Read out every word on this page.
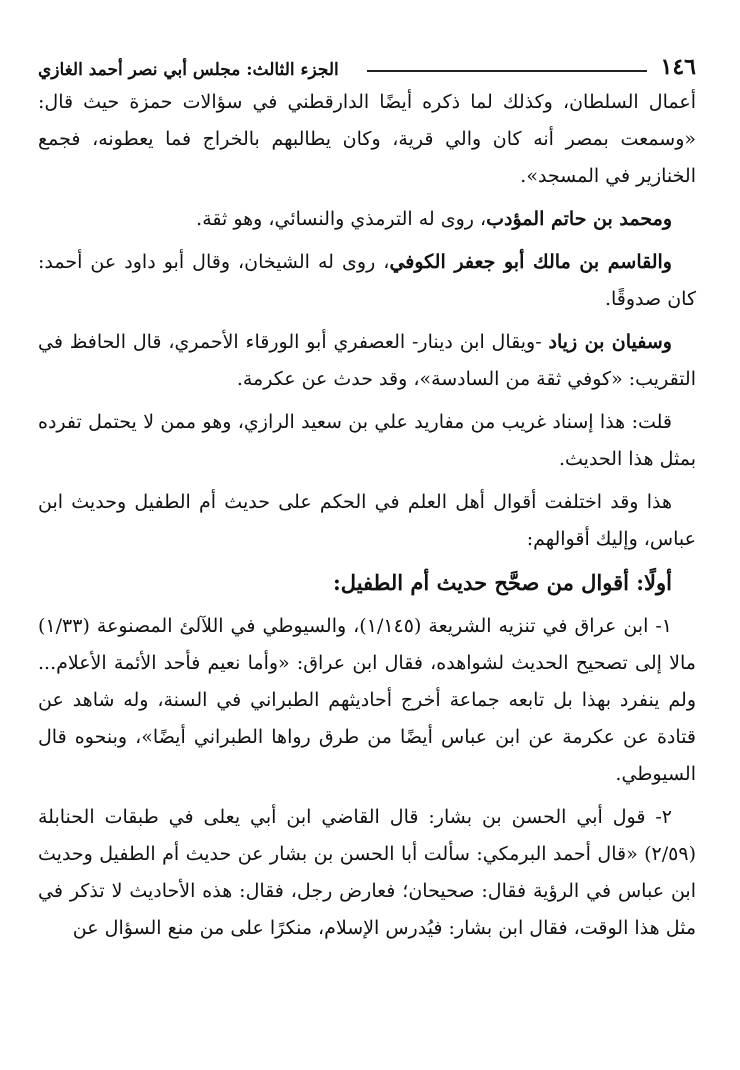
الجزء الثالث: مجلس أبي نصر أحمد الغازي	١٤٦

أعمال السلطان، وكذلك لما ذكره أيضًا الدارقطني في سؤالات حمزة حيث قال: «وسمعت بمصر أنه كان والي قرية، وكان يطالبهم بالخراج فما يعطونه، فجمع الخنازير في المسجد».

ومحمد بن حاتم المؤدب، روى له الترمذي والنسائي، وهو ثقة.

والقاسم بن مالك أبو جعفر الكوفي، روى له الشيخان، وقال أبو داود عن أحمد: كان صدوقًا.

وسفيان بن زياد -ويقال ابن دينار- العصفري أبو الورقاء الأحمري، قال الحافظ في التقريب: «كوفي ثقة من السادسة»، وقد حدث عن عكرمة.

قلت: هذا إسناد غريب من مفاريد علي بن سعيد الرازي، وهو ممن لا يحتمل تفرده بمثل هذا الحديث.

هذا وقد اختلفت أقوال أهل العلم في الحكم على حديث أم الطفيل وحديث ابن عباس، وإليك أقوالهم:

أولًا: أقوال من صحَّح حديث أم الطفيل:

١- ابن عراق في تنزيه الشريعة (١/١٤٥)، والسيوطي في اللآلئ المصنوعة (١/٣٣) مالا إلى تصحيح الحديث لشواهده، فقال ابن عراق: «وأما نعيم فأحد الأئمة الأعلام... ولم ينفرد بهذا بل تابعه جماعة أخرج أحاديثهم الطبراني في السنة، وله شاهد عن قتادة عن عكرمة عن ابن عباس أيضًا من طرق رواها الطبراني أيضًا»، وبنحوه قال السيوطي.

٢- قول أبي الحسن بن بشار: قال القاضي ابن أبي يعلى في طبقات الحنابلة (٢/٥٩) «قال أحمد البرمكي: سألت أبا الحسن بن بشار عن حديث أم الطفيل وحديث ابن عباس في الرؤية فقال: صحيحان؛ فعارض رجل، فقال: هذه الأحاديث لا تذكر في مثل هذا الوقت، فقال ابن بشار: فيُدرس الإسلام، منكرًا على من منع السؤال عن
